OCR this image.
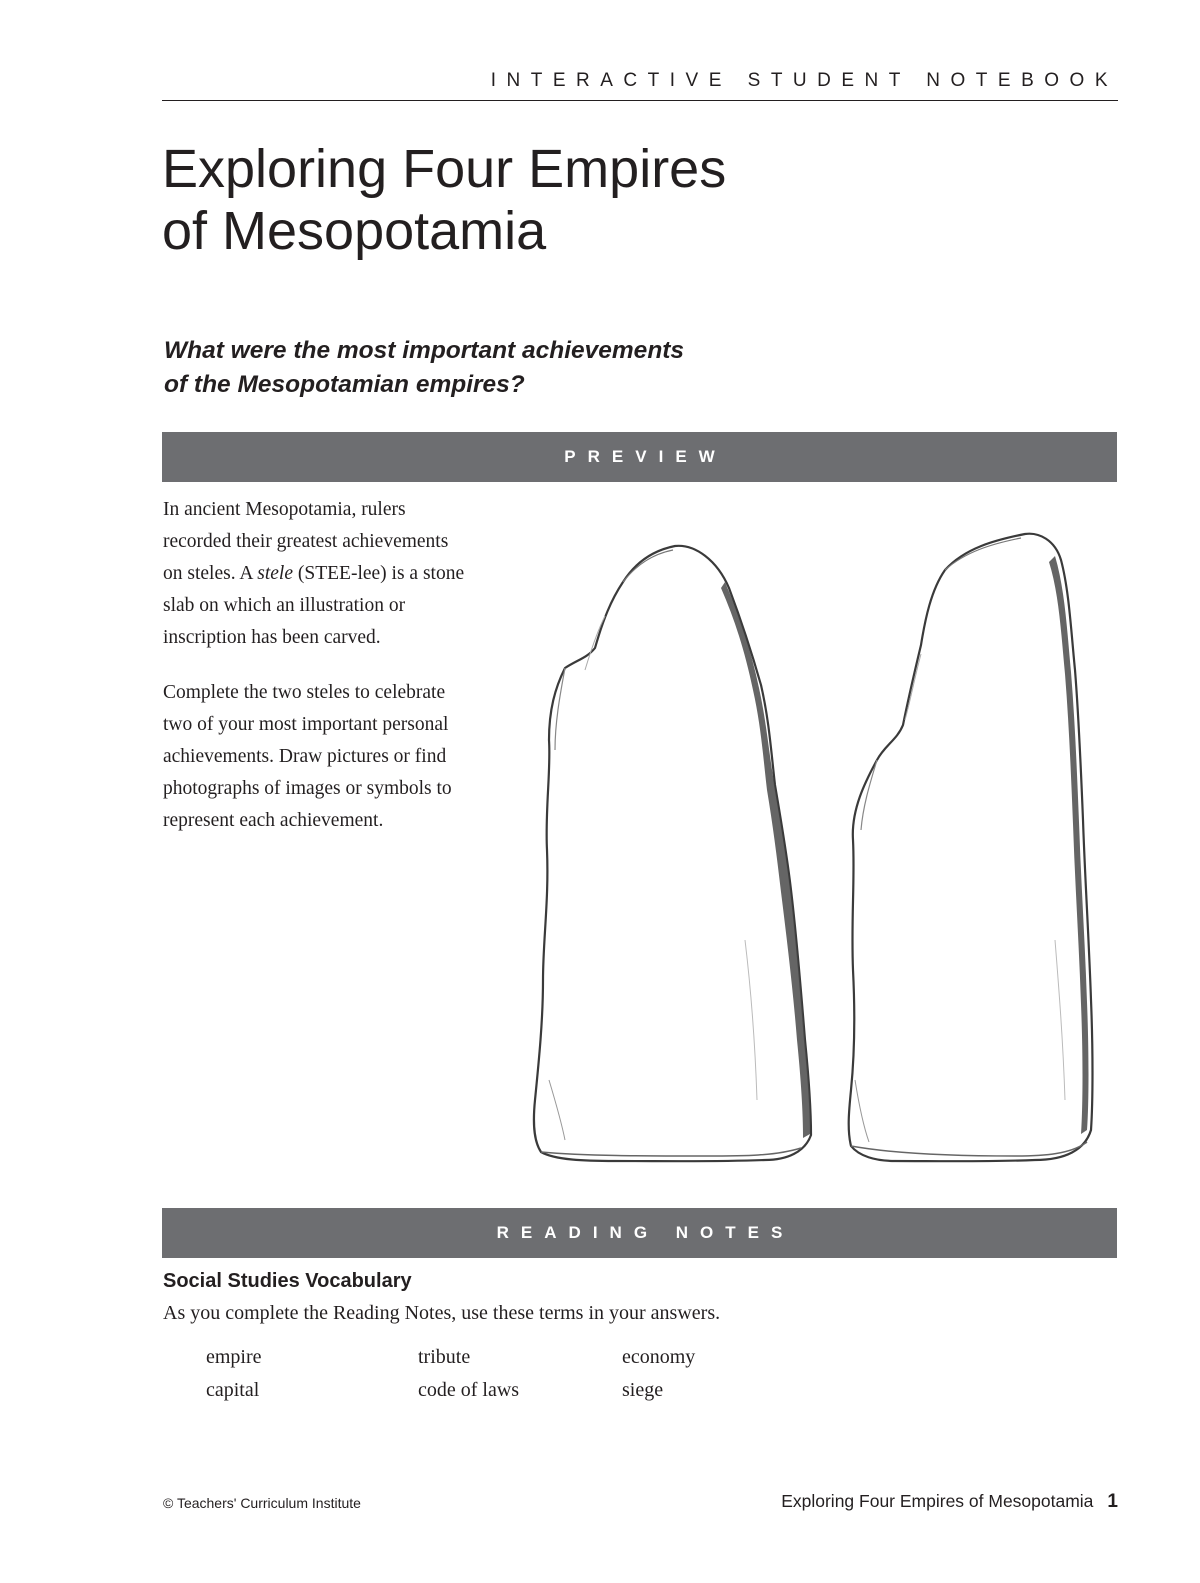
INTERACTIVE STUDENT NOTEBOOK
Exploring Four Empires
of Mesopotamia
What were the most important achievements
of the Mesopotamian empires?
PREVIEW

In ancient Mesopotamia, rulers
recorded their greatest achievements
on steles. A stele (STEE-lee) is a stone
slab on which an illustration or
inscription has been carved.

Complete the two steles to celebrate
two of your most important personal
achievements. Draw pictures or find
photographs of images or symbols to
represent each achievement.

READING NOTES
Social Studies Vocabulary
As you complete the Reading Notes, use these terms in your answers.
empire	tribute	economy
capital	code of laws	siege
© Teachers' Curriculum Institute	Exploring Four Empires of Mesopotamia 1
